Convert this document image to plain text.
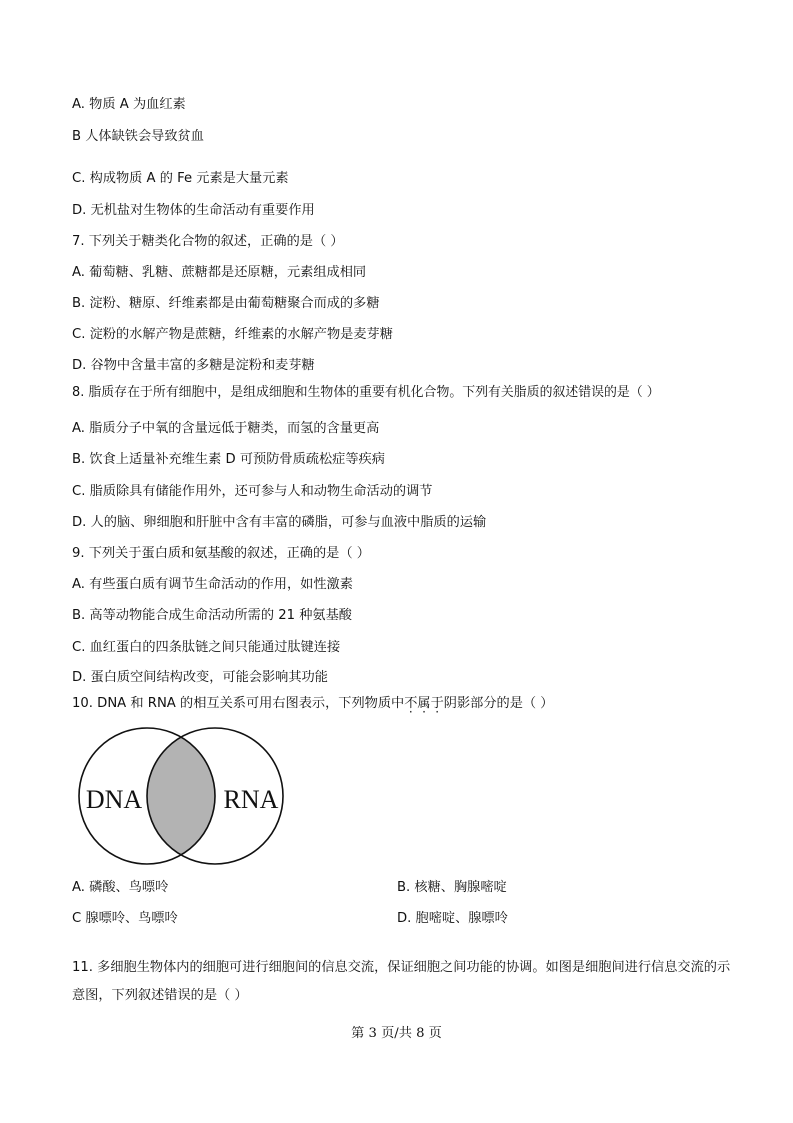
A. 物质 A 为血红素
B 人体缺铁会导致贫血
C. 构成物质 A 的 Fe 元素是大量元素
D. 无机盐对生物体的生命活动有重要作用
7. 下列关于糖类化合物的叙述，正确的是（ ）
A. 葡萄糖、乳糖、蔗糖都是还原糖，元素组成相同
B. 淀粉、糖原、纤维素都是由葡萄糖聚合而成的多糖
C. 淀粉的水解产物是蔗糖，纤维素的水解产物是麦芽糖
D. 谷物中含量丰富的多糖是淀粉和麦芽糖
8. 脂质存在于所有细胞中，是组成细胞和生物体的重要有机化合物。下列有关脂质的叙述错误的是（ ）
A. 脂质分子中氧的含量远低于糖类，而氢的含量更高
B. 饮食上适量补充维生素 D 可预防骨质疏松症等疾病
C. 脂质除具有储能作用外，还可参与人和动物生命活动的调节
D. 人的脑、卵细胞和肝脏中含有丰富的磷脂，可参与血液中脂质的运输
9. 下列关于蛋白质和氨基酸的叙述，正确的是（ ）
A. 有些蛋白质有调节生命活动的作用，如性激素
B. 高等动物能合成生命活动所需的 21 种氨基酸
C. 血红蛋白的四条肽链之间只能通过肽键连接
D. 蛋白质空间结构改变，可能会影响其功能
10. DNA 和 RNA 的相互关系可用右图表示，下列物质中不属于阴影部分的是（ ）
DNA	RNA
A. 磷酸、鸟嘌呤	B. 核糖、胸腺嘧啶
C 腺嘌呤、鸟嘌呤	D. 胞嘧啶、腺嘌呤
11. 多细胞生物体内的细胞可进行细胞间的信息交流，保证细胞之间功能的协调。如图是细胞间进行信息交流的示意图，下列叙述错误的是（ ）
第 3 页/共 8 页
